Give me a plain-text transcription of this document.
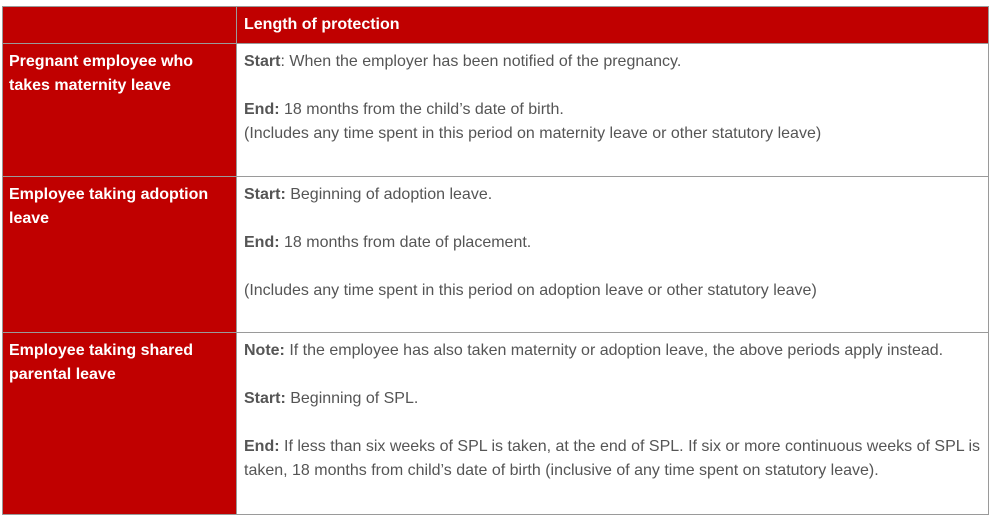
	Length of protection
Pregnant employee who takes maternity leave	Start: When the employer has been notified of the pregnancy.

End: 18 months from the child’s date of birth.

(Includes any time spent in this period on maternity leave or other statutory leave)

Employee taking adoption leave	Start: Beginning of adoption leave.

End: 18 months from date of placement.

(Includes any time spent in this period on adoption leave or other statutory leave)

Employee taking shared parental leave	Note: If the employee has also taken maternity or adoption leave, the above periods apply instead.

Start: Beginning of SPL.

End: If less than six weeks of SPL is taken, at the end of SPL. If six or more continuous weeks of SPL is taken, 18 months from child’s date of birth (inclusive of any time spent on statutory leave).
